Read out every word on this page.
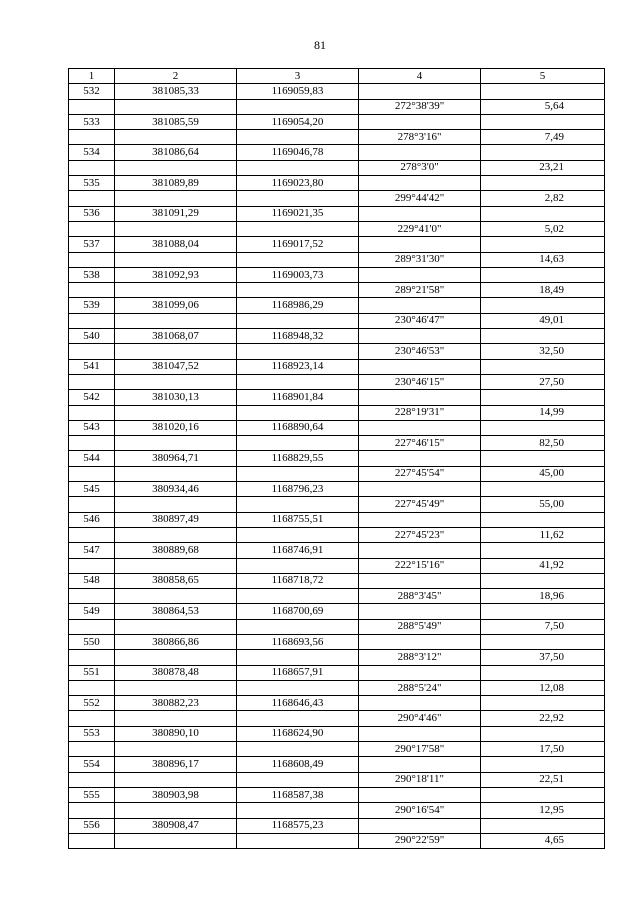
81
1	2	3	4	5
532	381085,33	1169059,83		
			272°38'39"	5,64
533	381085,59	1169054,20		
			278°3'16"	7,49
534	381086,64	1169046,78		
			278°3'0"	23,21
535	381089,89	1169023,80		
			299°44'42"	2,82
536	381091,29	1169021,35		
			229°41'0"	5,02
537	381088,04	1169017,52		
			289°31'30"	14,63
538	381092,93	1169003,73		
			289°21'58"	18,49
539	381099,06	1168986,29		
			230°46'47"	49,01
540	381068,07	1168948,32		
			230°46'53"	32,50
541	381047,52	1168923,14		
			230°46'15"	27,50
542	381030,13	1168901,84		
			228°19'31"	14,99
543	381020,16	1168890,64		
			227°46'15"	82,50
544	380964,71	1168829,55		
			227°45'54"	45,00
545	380934,46	1168796,23		
			227°45'49"	55,00
546	380897,49	1168755,51		
			227°45'23"	11,62
547	380889,68	1168746,91		
			222°15'16"	41,92
548	380858,65	1168718,72		
			288°3'45"	18,96
549	380864,53	1168700,69		
			288°5'49"	7,50
550	380866,86	1168693,56		
			288°3'12"	37,50
551	380878,48	1168657,91		
			288°5'24"	12,08
552	380882,23	1168646,43		
			290°4'46"	22,92
553	380890,10	1168624,90		
			290°17'58"	17,50
554	380896,17	1168608,49		
			290°18'11"	22,51
555	380903,98	1168587,38		
			290°16'54"	12,95
556	380908,47	1168575,23		
			290°22'59"	4,65
